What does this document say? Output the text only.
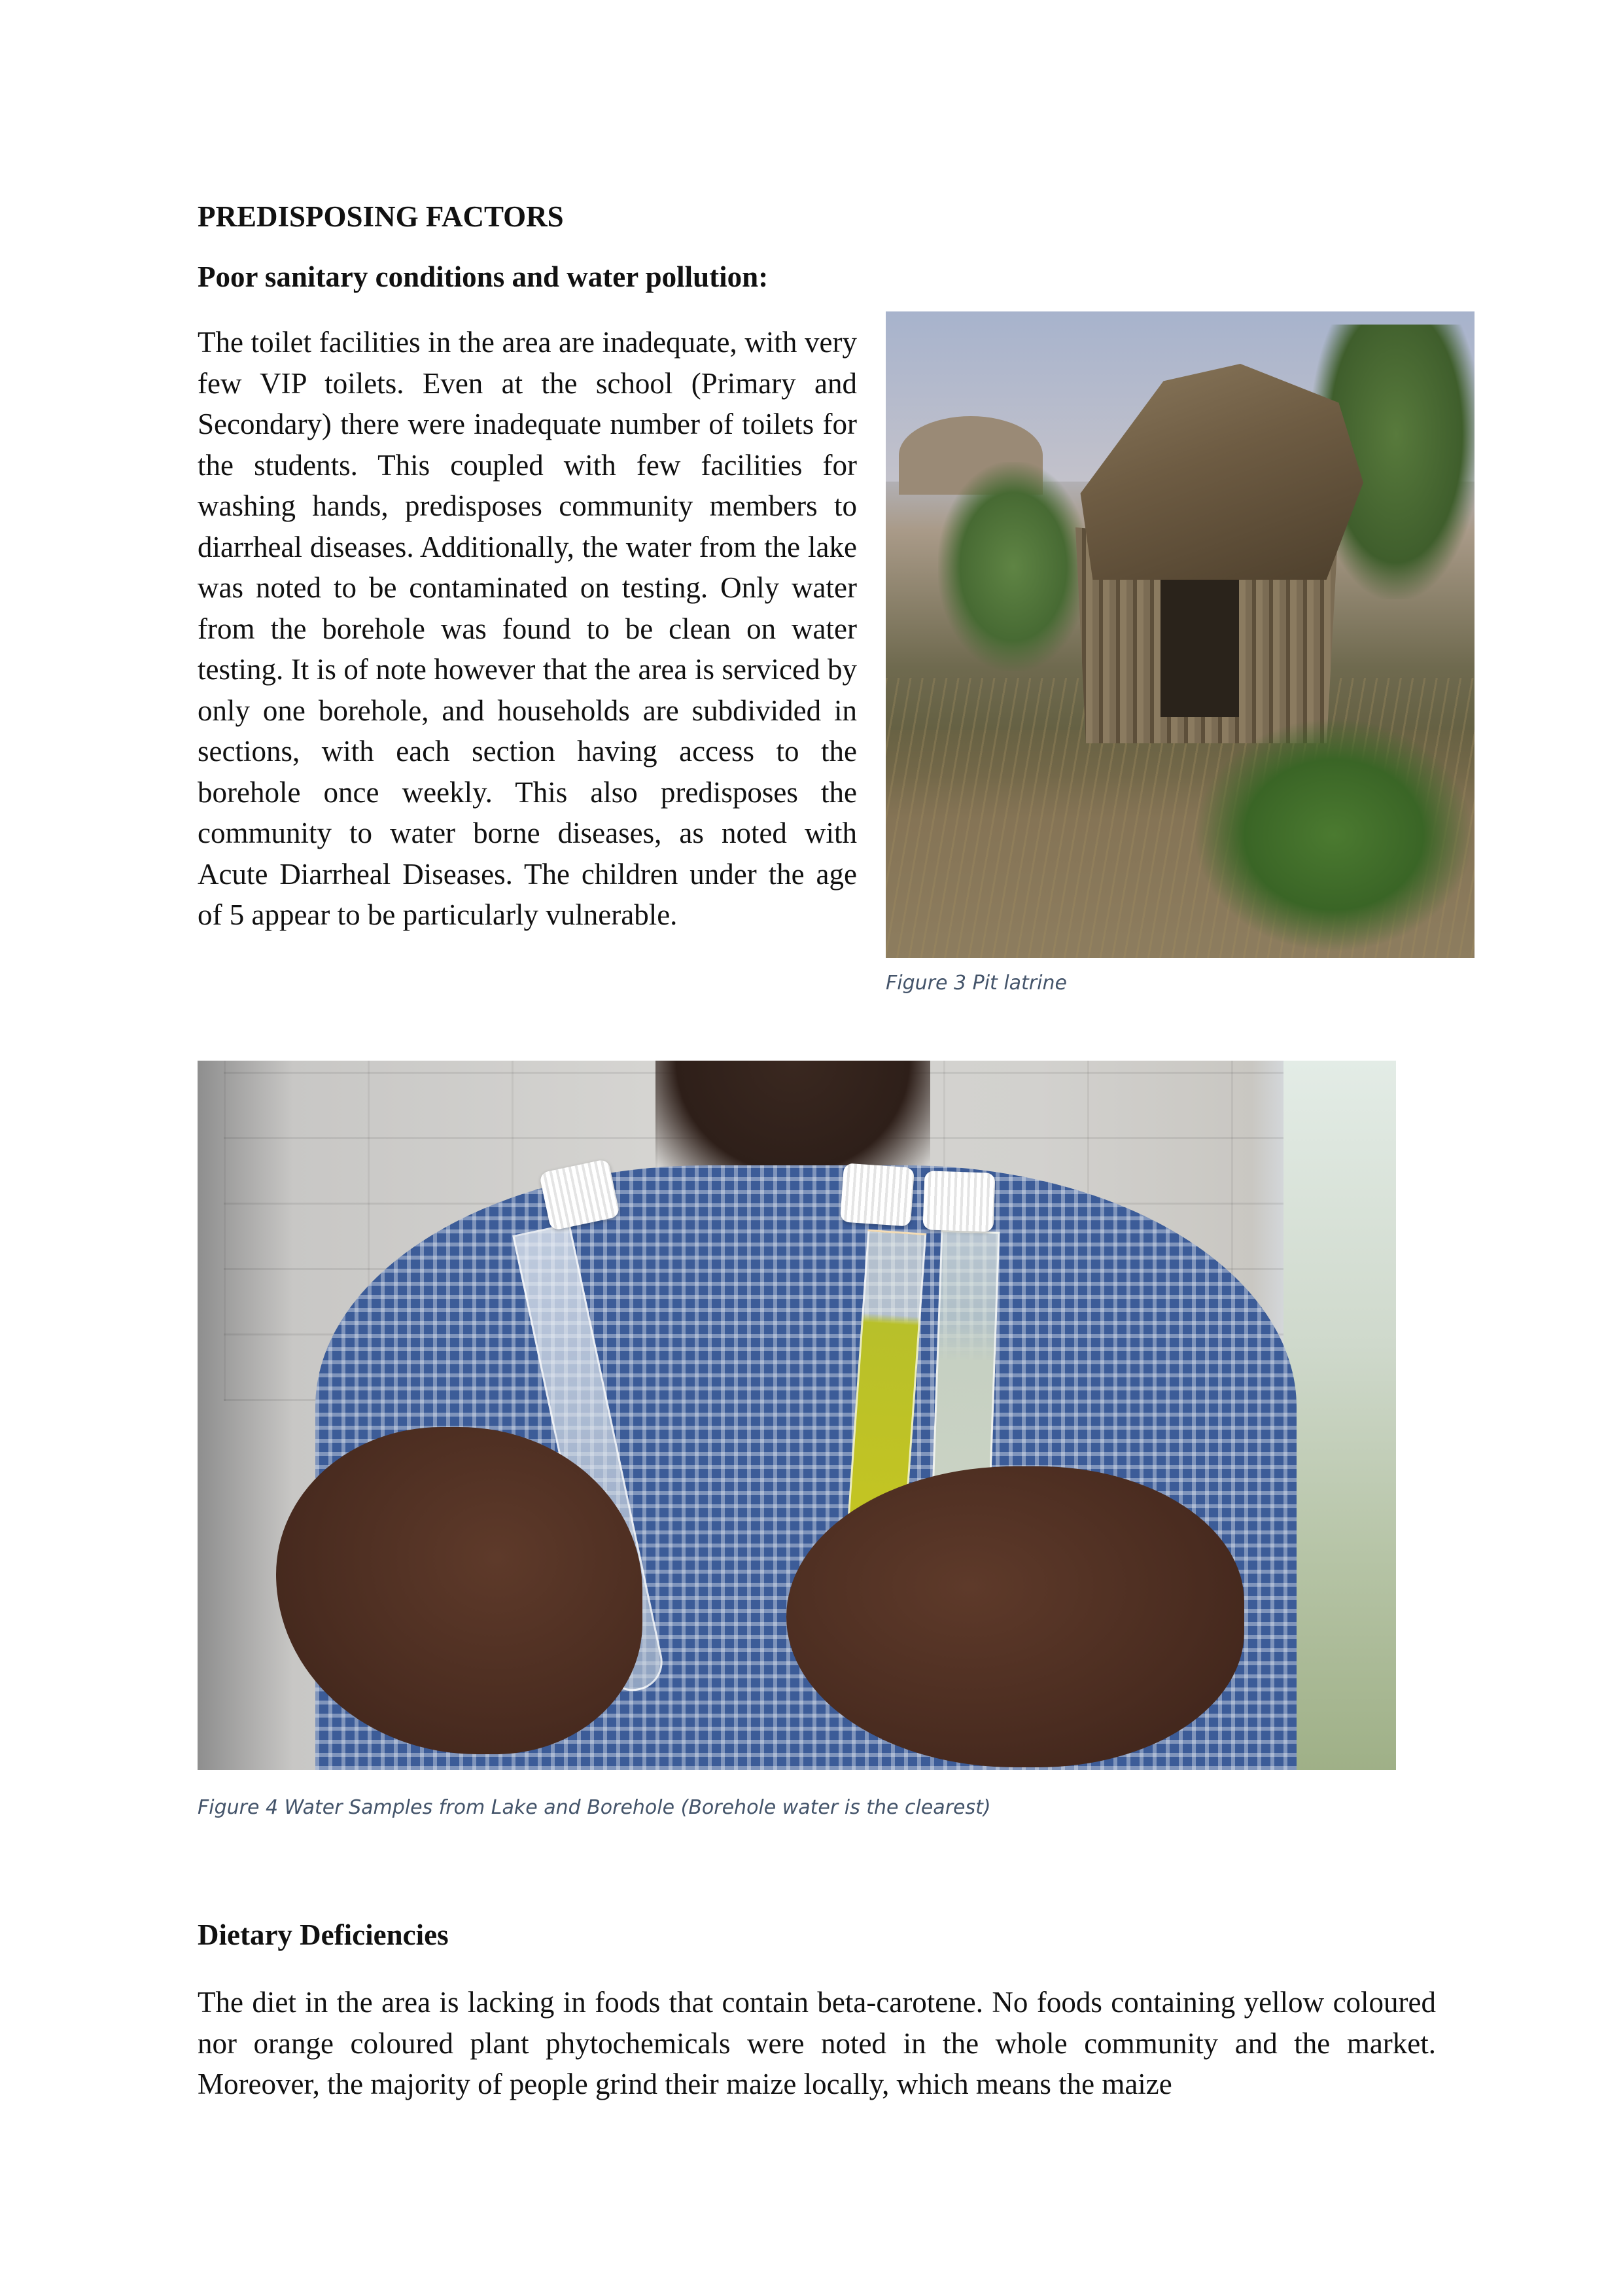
PREDISPOSING FACTORS
Poor sanitary conditions and water pollution:

The toilet facilities in the area are inadequate, with very few VIP toilets. Even at the school (Primary and Secondary) there were inadequate number of toilets for the students. This coupled with few facilities for washing hands, predisposes community members to diarrheal diseases. Additionally, the water from the lake was noted to be contaminated on testing. Only water from the borehole was found to be clean on water testing. It is of note however that the area is serviced by only one borehole, and households are subdivided in sections, with each section having access to the borehole once weekly. This also predisposes the community to water borne diseases, as noted with Acute Diarrheal Diseases. The children under the age of 5 appear to be particularly vulnerable.

Figure 3 Pit latrine
Figure 4 Water Samples from Lake and Borehole (Borehole water is the clearest)
Dietary Deficiencies

The diet in the area is lacking in foods that contain beta-carotene. No foods containing yellow coloured nor orange coloured plant phytochemicals were noted in the whole community and the market. Moreover, the majority of people grind their maize locally, which means the maize
